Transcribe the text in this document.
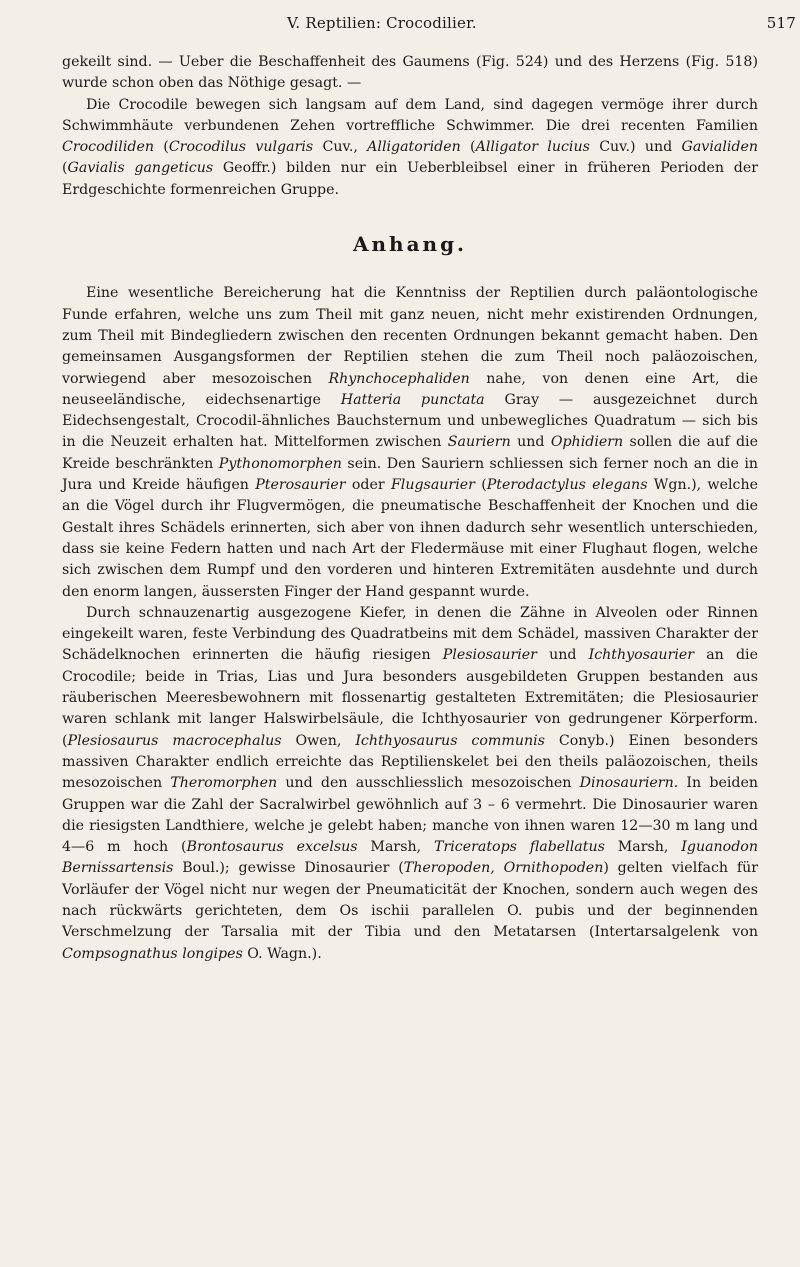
V. Reptilien: Crocodilier.	517

gekeilt sind. — Ueber die Beschaffenheit des Gaumens (Fig. 524) und des Herzens (Fig. 518) wurde schon oben das Nöthige gesagt. —

Die Crocodile bewegen sich langsam auf dem Land, sind dagegen vermöge ihrer durch Schwimmhäute verbundenen Zehen vortreffliche Schwimmer. Die drei recenten Familien Crocodiliden (Crocodilus vulgaris Cuv., Alligatoriden (Alligator lucius Cuv.) und Gavialiden (Gavialis gangeticus Geoffr.) bilden nur ein Ueberbleibsel einer in früheren Perioden der Erdgeschichte formenreichen Gruppe.

Anhang.

Eine wesentliche Bereicherung hat die Kenntniss der Reptilien durch paläontologische Funde erfahren, welche uns zum Theil mit ganz neuen, nicht mehr existirenden Ordnungen, zum Theil mit Bindegliedern zwischen den recenten Ordnungen bekannt gemacht haben. Den gemeinsamen Ausgangsformen der Reptilien stehen die zum Theil noch paläozoischen, vorwiegend aber mesozoischen Rhynchocephaliden nahe, von denen eine Art, die neuseeländische, eidechsenartige Hatteria punctata Gray — ausgezeichnet durch Eidechsengestalt, Crocodil-ähnliches Bauchsternum und unbewegliches Quadratum — sich bis in die Neuzeit erhalten hat. Mittelformen zwischen Sauriern und Ophidiern sollen die auf die Kreide beschränkten Pythonomorphen sein. Den Sauriern schliessen sich ferner noch an die in Jura und Kreide häufigen Pterosaurier oder Flugsaurier (Pterodactylus elegans Wgn.), welche an die Vögel durch ihr Flugvermögen, die pneumatische Beschaffenheit der Knochen und die Gestalt ihres Schädels erinnerten, sich aber von ihnen dadurch sehr wesentlich unterschieden, dass sie keine Federn hatten und nach Art der Fledermäuse mit einer Flughaut flogen, welche sich zwischen dem Rumpf und den vorderen und hinteren Extremitäten ausdehnte und durch den enorm langen, äussersten Finger der Hand gespannt wurde.

Durch schnauzenartig ausgezogene Kiefer, in denen die Zähne in Alveolen oder Rinnen eingekeilt waren, feste Verbindung des Quadratbeins mit dem Schädel, massiven Charakter der Schädelknochen erinnerten die häufig riesigen Plesiosaurier und Ichthyosaurier an die Crocodile; beide in Trias, Lias und Jura besonders ausgebildeten Gruppen bestanden aus räuberischen Meeresbewohnern mit flossenartig gestalteten Extremitäten; die Plesiosaurier waren schlank mit langer Halswirbelsäule, die Ichthyosaurier von gedrungener Körperform. (Plesiosaurus macrocephalus Owen, Ichthyosaurus communis Conyb.) Einen besonders massiven Charakter endlich erreichte das Reptilienskelet bei den theils paläozoischen, theils mesozoischen Theromorphen und den ausschliesslich mesozoischen Dinosauriern. In beiden Gruppen war die Zahl der Sacralwirbel gewöhnlich auf 3 – 6 vermehrt. Die Dinosaurier waren die riesigsten Landthiere, welche je gelebt haben; manche von ihnen waren 12—30 m lang und 4—6 m hoch (Brontosaurus excelsus Marsh, Triceratops flabellatus Marsh, Iguanodon Bernissartensis Boul.); gewisse Dinosaurier (Theropoden, Ornithopoden) gelten vielfach für Vorläufer der Vögel nicht nur wegen der Pneumaticität der Knochen, sondern auch wegen des nach rückwärts gerichteten, dem Os ischii parallelen O. pubis und der beginnenden Verschmelzung der Tarsalia mit der Tibia und den Metatarsen (Intertarsalgelenk von Compsognathus longipes O. Wagn.).
